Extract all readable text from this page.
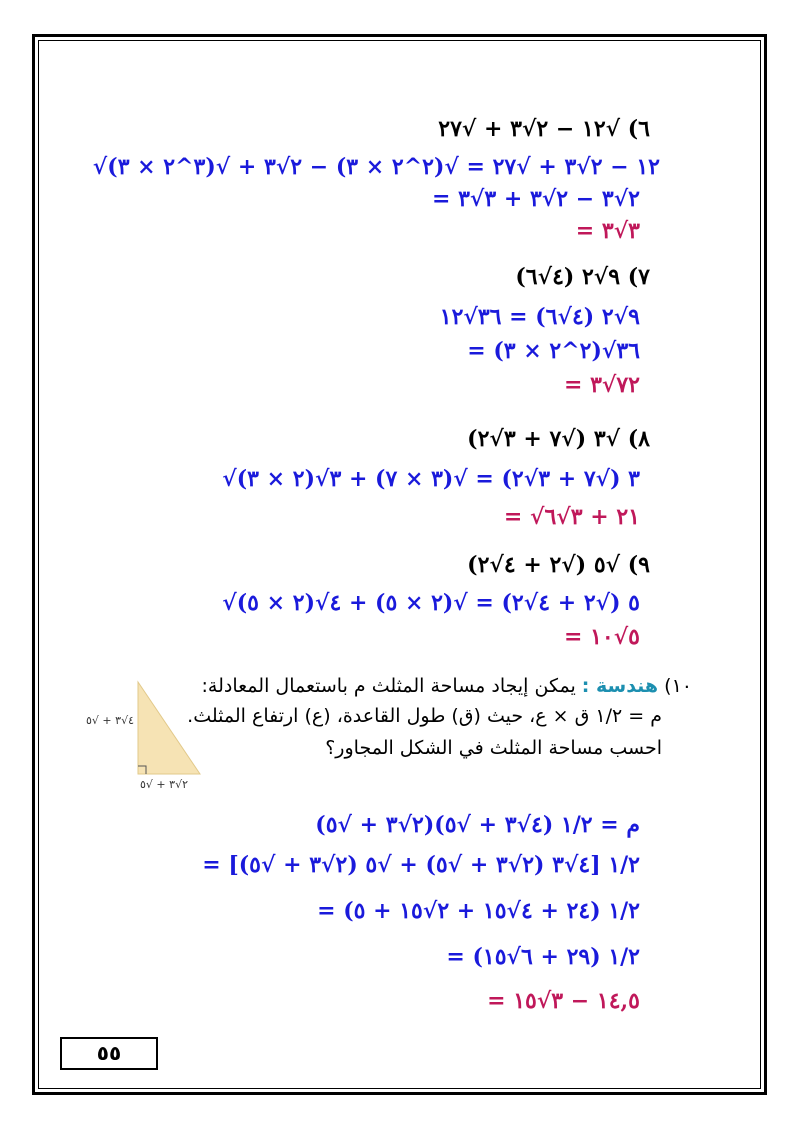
٦) √١٢ − ٢√٣ + √٢٧
√١٢ − ٢√٣ + √٢٧ = √(٢^٢ × ٣) − ٢√٣ + √(٣^٢ × ٣)
= ٢√٣ − ٢√٣ + ٣√٣
= ٣√٣
٧) ٩√٢ (٤√٦)
٩√٢ (٤√٦) = ٣٦√١٢
= ٣٦√(٢^٢ × ٣)
= ٧٢√٣
٨) √٣ (√٧ + ٣√٢)
√٣ (√٧ + ٣√٢) = √(٣ × ٧) + ٣√(٢ × ٣)
= √٢١ + ٣√٦
٩) √٥ (√٢ + ٤√٢)
√٥ (√٢ + ٤√٢) = √(٢ × ٥) + ٤√(٢ × ٥)
= ٥√١٠
١٠) هندسة : يمكن إيجاد مساحة المثلث م باستعمال المعادلة:
م = ١/٢ ق × ع، حيث (ق) طول القاعدة، (ع) ارتفاع المثلث.
احسب مساحة المثلث في الشكل المجاور؟
٤√٣ + √٥
٢√٣ + √٥
م = ١/٢ (٤√٣ + √٥)(٢√٣ + √٥)
= ١/٢ [٤√٣ (٢√٣ + √٥) + √٥ (٢√٣ + √٥)]
= ١/٢ (٢٤ + ٤√١٥ + ٢√١٥ + ٥)
= ١/٢ (٢٩ + ٦√١٥)
= ١٤,٥ − ٣√١٥
٥٥
